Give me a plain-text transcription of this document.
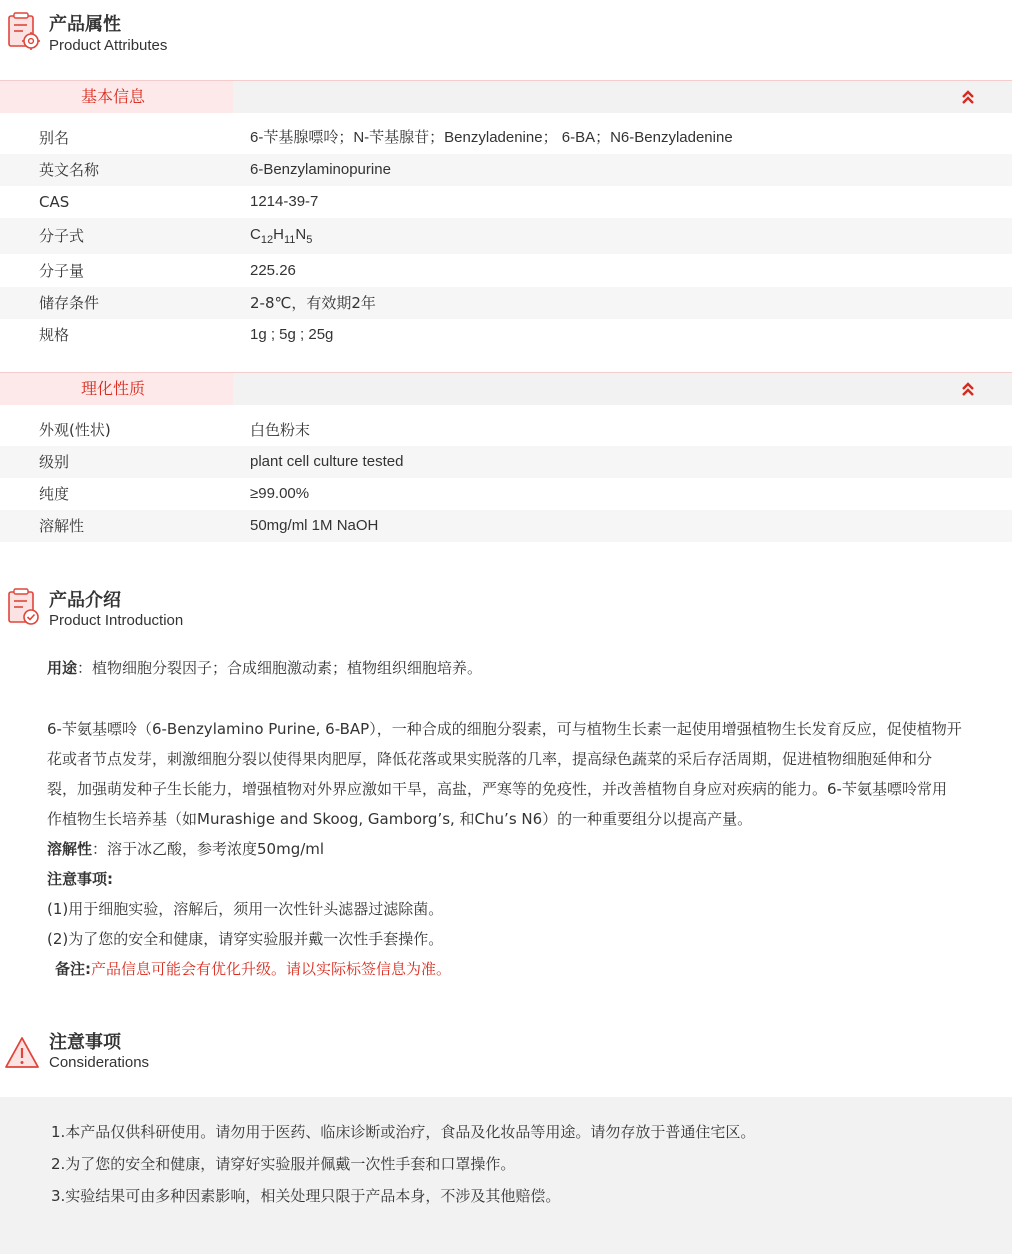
产品属性
Product Attributes
基本信息
别名	6-苄基腺嘌呤；N-苄基腺苷；Benzyladenine； 6-BA；N6-Benzyladenine
英文名称	6-Benzylaminopurine
CAS	1214-39-7
分子式	$C_{12}H_{11}N_5$
分子量	225.26
储存条件	2-8℃，有效期2年
规格	1g ; 5g ; 25g
理化性质
外观(性状)	白色粉末
级别	plant cell culture tested
纯度	≥99.00%
溶解性	50mg/ml 1M NaOH
产品介绍
Product Introduction
用途：植物细胞分裂因子；合成细胞激动素；植物组织细胞培养。
6-苄氨基嘌呤（6-Benzylamino Purine, 6-BAP），一种合成的细胞分裂素，可与植物生长素一起使用增强植物生长发育反应，促使植物开
花或者节点发芽，刺激细胞分裂以使得果肉肥厚，降低花落或果实脱落的几率，提高绿色蔬菜的采后存活周期，促进植物细胞延伸和分
裂，加强萌发种子生长能力，增强植物对外界应激如干旱，高盐，严寒等的免疫性，并改善植物自身应对疾病的能力。6-苄氨基嘌呤常用
作植物生长培养基（如Murashige and Skoog, Gamborg’s, 和Chu’s N6）的一种重要组分以提高产量。
溶解性：溶于冰乙酸，参考浓度50mg/ml
注意事项:
(1)用于细胞实验，溶解后，须用一次性针头滤器过滤除菌。
(2)为了您的安全和健康，请穿实验服并戴一次性手套操作。
备注:产品信息可能会有优化升级。请以实际标签信息为准。
注意事项
Considerations
1.本产品仅供科研使用。请勿用于医药、临床诊断或治疗，食品及化妆品等用途。请勿存放于普通住宅区。
2.为了您的安全和健康，请穿好实验服并佩戴一次性手套和口罩操作。
3.实验结果可由多种因素影响，相关处理只限于产品本身，不涉及其他赔偿。
